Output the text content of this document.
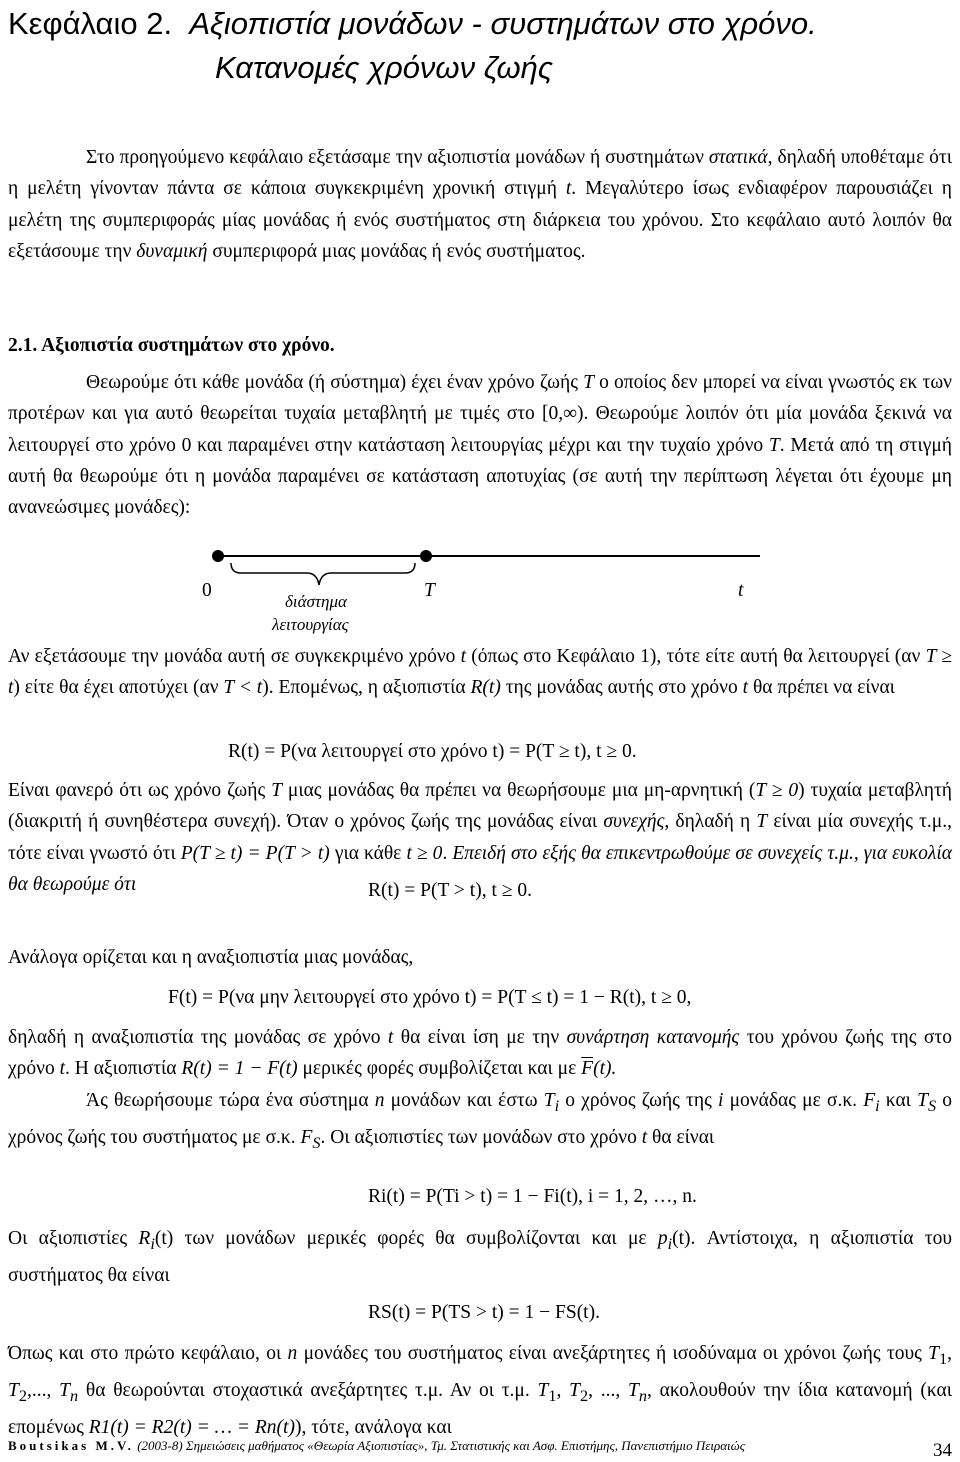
Κεφάλαιο 2. Αξιοπιστία μονάδων - συστημάτων στο χρόνο.
Κατανομές χρόνων ζωής
Στο προηγούμενο κεφάλαιο εξετάσαμε την αξιοπιστία μονάδων ή συστημάτων στατικά, δηλαδή υποθέταμε ότι η μελέτη γίνονταν πάντα σε κάποια συγκεκριμένη χρονική στιγμή t. Μεγαλύτερο ίσως ενδιαφέρον παρουσιάζει η μελέτη της συμπεριφοράς μίας μονάδας ή ενός συστήματος στη διάρκεια του χρόνου. Στο κεφάλαιο αυτό λοιπόν θα εξετάσουμε την δυναμική συμπεριφορά μιας μονάδας ή ενός συστήματος.
2.1. Αξιοπιστία συστημάτων στο χρόνο.
Θεωρούμε ότι κάθε μονάδα (ή σύστημα) έχει έναν χρόνο ζωής T ο οποίος δεν μπορεί να είναι γνωστός εκ των προτέρων και για αυτό θεωρείται τυχαία μεταβλητή με τιμές στο [0,∞). Θεωρούμε λοιπόν ότι μία μονάδα ξεκινά να λειτουργεί στο χρόνο 0 και παραμένει στην κατάσταση λειτουργίας μέχρι και την τυχαίο χρόνο T. Μετά από τη στιγμή αυτή θα θεωρούμε ότι η μονάδα παραμένει σε κατάσταση αποτυχίας (σε αυτή την περίπτωση λέγεται ότι έχουμε μη ανανεώσιμες μονάδες):
0	T	t
διάστημα
λειτουργίας
Αν εξετάσουμε την μονάδα αυτή σε συγκεκριμένο χρόνο t (όπως στο Κεφάλαιο 1), τότε είτε αυτή θα λειτουργεί (αν T ≥ t) είτε θα έχει αποτύχει (αν T < t). Επομένως, η αξιοπιστία R(t) της μονάδας αυτής στο χρόνο t θα πρέπει να είναι
R(t) = P(να λειτουργεί στο χρόνο t) = P(T ≥ t), t ≥ 0.
Είναι φανερό ότι ως χρόνο ζωής T μιας μονάδας θα πρέπει να θεωρήσουμε μια μη-αρνητική (T ≥ 0) τυχαία μεταβλητή (διακριτή ή συνηθέστερα συνεχή). Όταν ο χρόνος ζωής της μονάδας είναι συνεχής, δηλαδή η T είναι μία συνεχής τ.μ., τότε είναι γνωστό ότι P(T ≥ t) = P(T > t) για κάθε t ≥ 0. Επειδή στο εξής θα επικεντρωθούμε σε συνεχείς τ.μ., για ευκολία θα θεωρούμε ότι	R(t) = P(T > t), t ≥ 0.
Ανάλογα ορίζεται και η αναξιοπιστία μιας μονάδας,
F(t) = P(να μην λειτουργεί στο χρόνο t) = P(T ≤ t) = 1 − R(t), t ≥ 0,
δηλαδή η αναξιοπιστία της μονάδας σε χρόνο t θα είναι ίση με την συνάρτηση κατανομής του χρόνου ζωής της στο χρόνο t. Η αξιοπιστία R(t) = 1 − F(t) μερικές φορές συμβολίζεται και με $\overline{F}(t)$.
Άς θεωρήσουμε τώρα ένα σύστημα n μονάδων και έστω $T_i$ ο χρόνος ζωής της i μονάδας με σ.κ. $F_i$ και $T_S$ ο χρόνος ζωής του συστήματος με σ.κ. $F_S$. Οι αξιοπιστίες των μονάδων στο χρόνο t θα είναι
Ri(t) = P(Ti > t) = 1 − Fi(t), i = 1, 2, …, n.
Οι αξιοπιστίες $R_i(t)$ των μονάδων μερικές φορές θα συμβολίζονται και με $p_i(t)$. Αντίστοιχα, η αξιοπιστία του συστήματος θα είναι
RS(t) = P(TS > t) = 1 − FS(t).
Όπως και στο πρώτο κεφάλαιο, οι n μονάδες του συστήματος είναι ανεξάρτητες ή ισοδύναμα οι χρόνοι ζωής τους $T_1$, $T_2$,..., $T_n$ θα θεωρούνται στοχαστικά ανεξάρτητες τ.μ. Αν οι τ.μ. $T_1$, $T_2$, ..., $T_n$, ακολουθούν την ίδια κατανομή (και επομένως R1(t) = R2(t) = … = Rn(t)), τότε, ανάλογα και
Boutsikas M.V. (2003-8) Σημειώσεις μαθήματος «Θεωρία Αξιοπιστίας», Τμ. Στατιστικής και Ασφ. Επιστήμης, Πανεπιστήμιο Πειραιώς	34
